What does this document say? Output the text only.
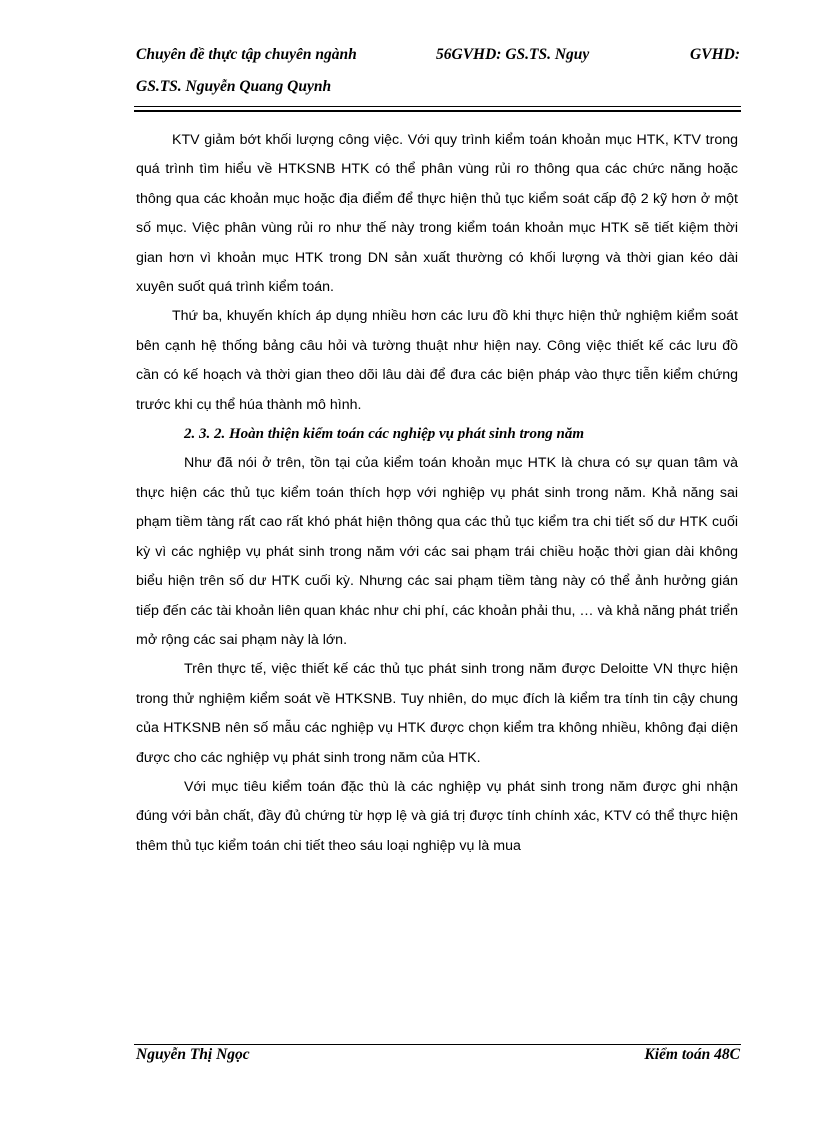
Chuyên đề thực tập chuyên ngành	56GVHD: GS.TS. Nguy	GVHD:
GS.TS. Nguyễn Quang Quynh

KTV giảm bớt khối lượng công việc. Với quy trình kiểm toán khoản mục HTK, KTV trong quá trình tìm hiểu về HTKSNB HTK có thể phân vùng rủi ro thông qua các chức năng hoặc thông qua các khoản mục hoặc địa điểm để thực hiện thủ tục kiểm soát cấp độ 2 kỹ hơn ở một số mục. Việc phân vùng rủi ro như thế này trong kiểm toán khoản mục HTK sẽ tiết kiệm thời gian hơn vì khoản mục HTK trong DN sản xuất thường có khối lượng và thời gian kéo dài xuyên suốt quá trình kiểm toán.

Thứ ba, khuyến khích áp dụng nhiều hơn các lưu đồ khi thực hiện thử nghiệm kiểm soát bên cạnh hệ thống bảng câu hỏi và tường thuật như hiện nay. Công việc thiết kế các lưu đồ cần có kế hoạch và thời gian theo dõi lâu dài để đưa các biện pháp vào thực tiễn kiểm chứng trước khi cụ thể húa thành mô hình.

2. 3. 2. Hoàn thiện kiểm toán các nghiệp vụ phát sinh trong năm

Như đã nói ở trên, tồn tại của kiểm toán khoản mục HTK là chưa có sự quan tâm và thực hiện các thủ tục kiểm toán thích hợp với nghiệp vụ phát sinh trong năm. Khả năng sai phạm tiềm tàng rất cao rất khó phát hiện thông qua các thủ tục kiểm tra chi tiết số dư HTK cuối kỳ vì các nghiệp vụ phát sinh trong năm với các sai phạm trái chiều hoặc thời gian dài không biểu hiện trên số dư HTK cuối kỳ. Nhưng các sai phạm tiềm tàng này có thể ảnh hưởng gián tiếp đến các tài khoản liên quan khác như chi phí, các khoản phải thu, … và khả năng phát triển mở rộng các sai phạm này là lớn.

Trên thực tế, việc thiết kế các thủ tục phát sinh trong năm được Deloitte VN thực hiện trong thử nghiệm kiểm soát về HTKSNB. Tuy nhiên, do mục đích là kiểm tra tính tin cậy chung của HTKSNB nên số mẫu các nghiệp vụ HTK được chọn kiểm tra không nhiều, không đại diện được cho các nghiệp vụ phát sinh trong năm của HTK.

Với mục tiêu kiểm toán đặc thù là các nghiệp vụ phát sinh trong năm được ghi nhận đúng với bản chất, đầy đủ chứng từ hợp lệ và giá trị được tính chính xác, KTV có thể thực hiện thêm thủ tục kiểm toán chi tiết theo sáu loại nghiệp vụ là mua

Nguyễn Thị Ngọc	Kiểm toán 48C
